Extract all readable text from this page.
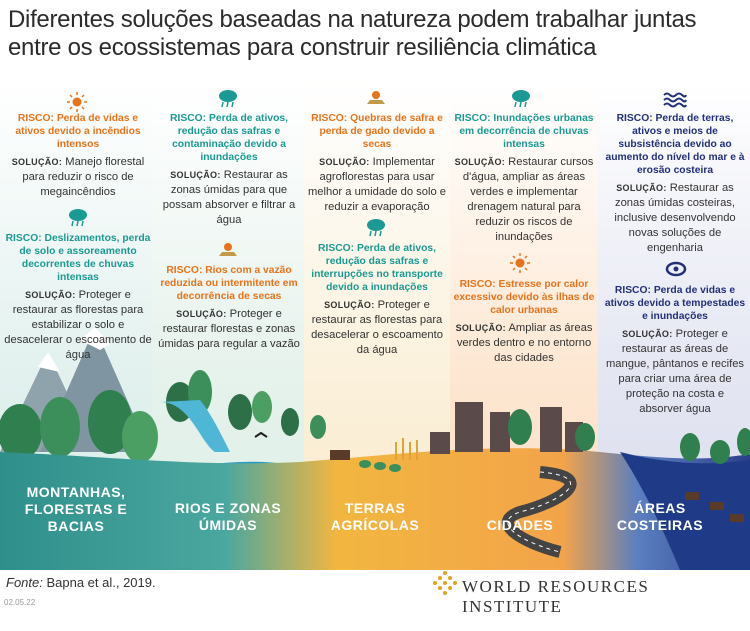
Diferentes soluções baseadas na natureza podem trabalhar juntas entre os ecossistemas para construir resiliência climática
RISCO: Perda de vidas e ativos devido a incêndios intensos
SOLUÇÃO: Manejo florestal para reduzir o risco de megaincêndios
RISCO: Deslizamentos, perda de solo e assoreamento decorrentes de chuvas intensas
SOLUÇÃO: Proteger e restaurar as florestas para estabilizar o solo e desacelerar o escoamento de água
RISCO: Perda de ativos, redução das safras e contaminação devido a inundações
SOLUÇÃO: Restaurar as zonas úmidas para que possam absorver e filtrar a água
RISCO: Rios com a vazão reduzida ou intermitente em decorrência de secas
SOLUÇÃO: Proteger e restaurar florestas e zonas úmidas para regular a vazão
RISCO: Quebras de safra e perda de gado devido a secas
SOLUÇÃO: Implementar agroflorestas para usar melhor a umidade do solo e reduzir a evaporação
RISCO: Perda de ativos, redução das safras e interrupções no transporte devido a inundações
SOLUÇÃO: Proteger e restaurar as florestas para desacelerar o escoamento da água
RISCO: Inundações urbanas em decorrência de chuvas intensas
SOLUÇÃO: Restaurar cursos d'água, ampliar as áreas verdes e implementar drenagem natural para reduzir os riscos de inundações
RISCO: Estresse por calor excessivo devido às ilhas de calor urbanas
SOLUÇÃO: Ampliar as áreas verdes dentro e no entorno das cidades
RISCO: Perda de terras, ativos e meios de subsistência devido ao aumento do nível do mar e à erosão costeira
SOLUÇÃO: Restaurar as zonas úmidas costeiras, inclusive desenvolvendo novas soluções de engenharia
RISCO: Perda de vidas e ativos devido a tempestades e inundações
SOLUÇÃO: Proteger e restaurar as áreas de mangue, pântanos e recifes para criar uma área de proteção na costa e absorver água
MONTANHAS, FLORESTAS E BACIAS
RIOS E ZONAS ÚMIDAS
TERRAS AGRÍCOLAS	CIDADES
ÁREAS COSTEIRAS
Fonte: Bapna et al., 2019.
02.05.22
WORLD RESOURCES INSTITUTE
